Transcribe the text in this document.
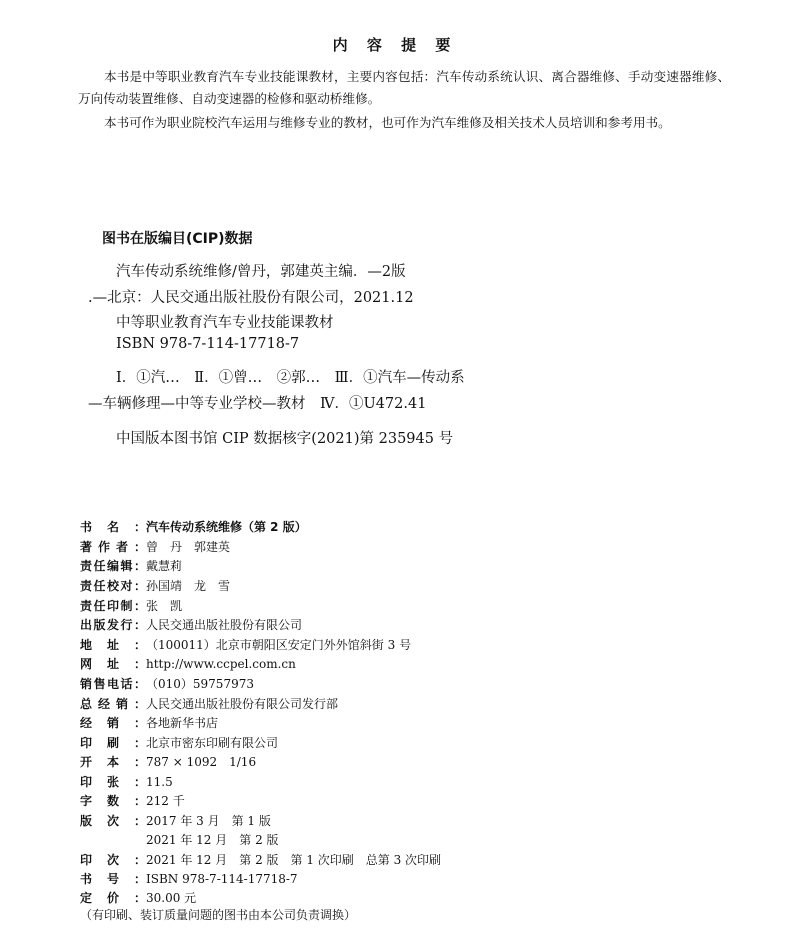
内 容 提 要
本书是中等职业教育汽车专业技能课教材，主要内容包括：汽车传动系统认识、离合器维修、手动变速器维修、万向传动装置维修、自动变速器的检修和驱动桥维修。
本书可作为职业院校汽车运用与维修专业的教材，也可作为汽车维修及相关技术人员培训和参考用书。
图书在版编目(CIP)数据
汽车传动系统维修/曾丹，郭建英主编．—2版
.—北京：人民交通出版社股份有限公司，2021.12
中等职业教育汽车专业技能课教材
ISBN 978-7-114-17718-7
Ⅰ．①汽…　Ⅱ．①曾…　②郭…　Ⅲ．①汽车—传动系
—车辆修理—中等专业学校—教材　Ⅳ．①U472.41
中国版本图书馆 CIP 数据核字(2021)第 235945 号
书名：汽车传动系统维修（第 2 版）
著作者：曾　丹　郭建英
责任编辑：戴慧莉
责任校对：孙国靖　龙　雪
责任印制：张　凯
出版发行：人民交通出版社股份有限公司
地址：（100011）北京市朝阳区安定门外外馆斜街 3 号
网址：http://www.ccpel.com.cn
销售电话：（010）59757973
总经销：人民交通出版社股份有限公司发行部
经销：各地新华书店
印刷：北京市密东印刷有限公司
开本：787 × 1092　1/16
印张：11.5
字数：212 千
版次：2017 年 3 月　第 1 版
2021 年 12 月　第 2 版
印次：2021 年 12 月　第 2 版　第 1 次印刷　总第 3 次印刷
书号：ISBN 978-7-114-17718-7
定价：30.00 元
（有印刷、装订质量问题的图书由本公司负责调换）
